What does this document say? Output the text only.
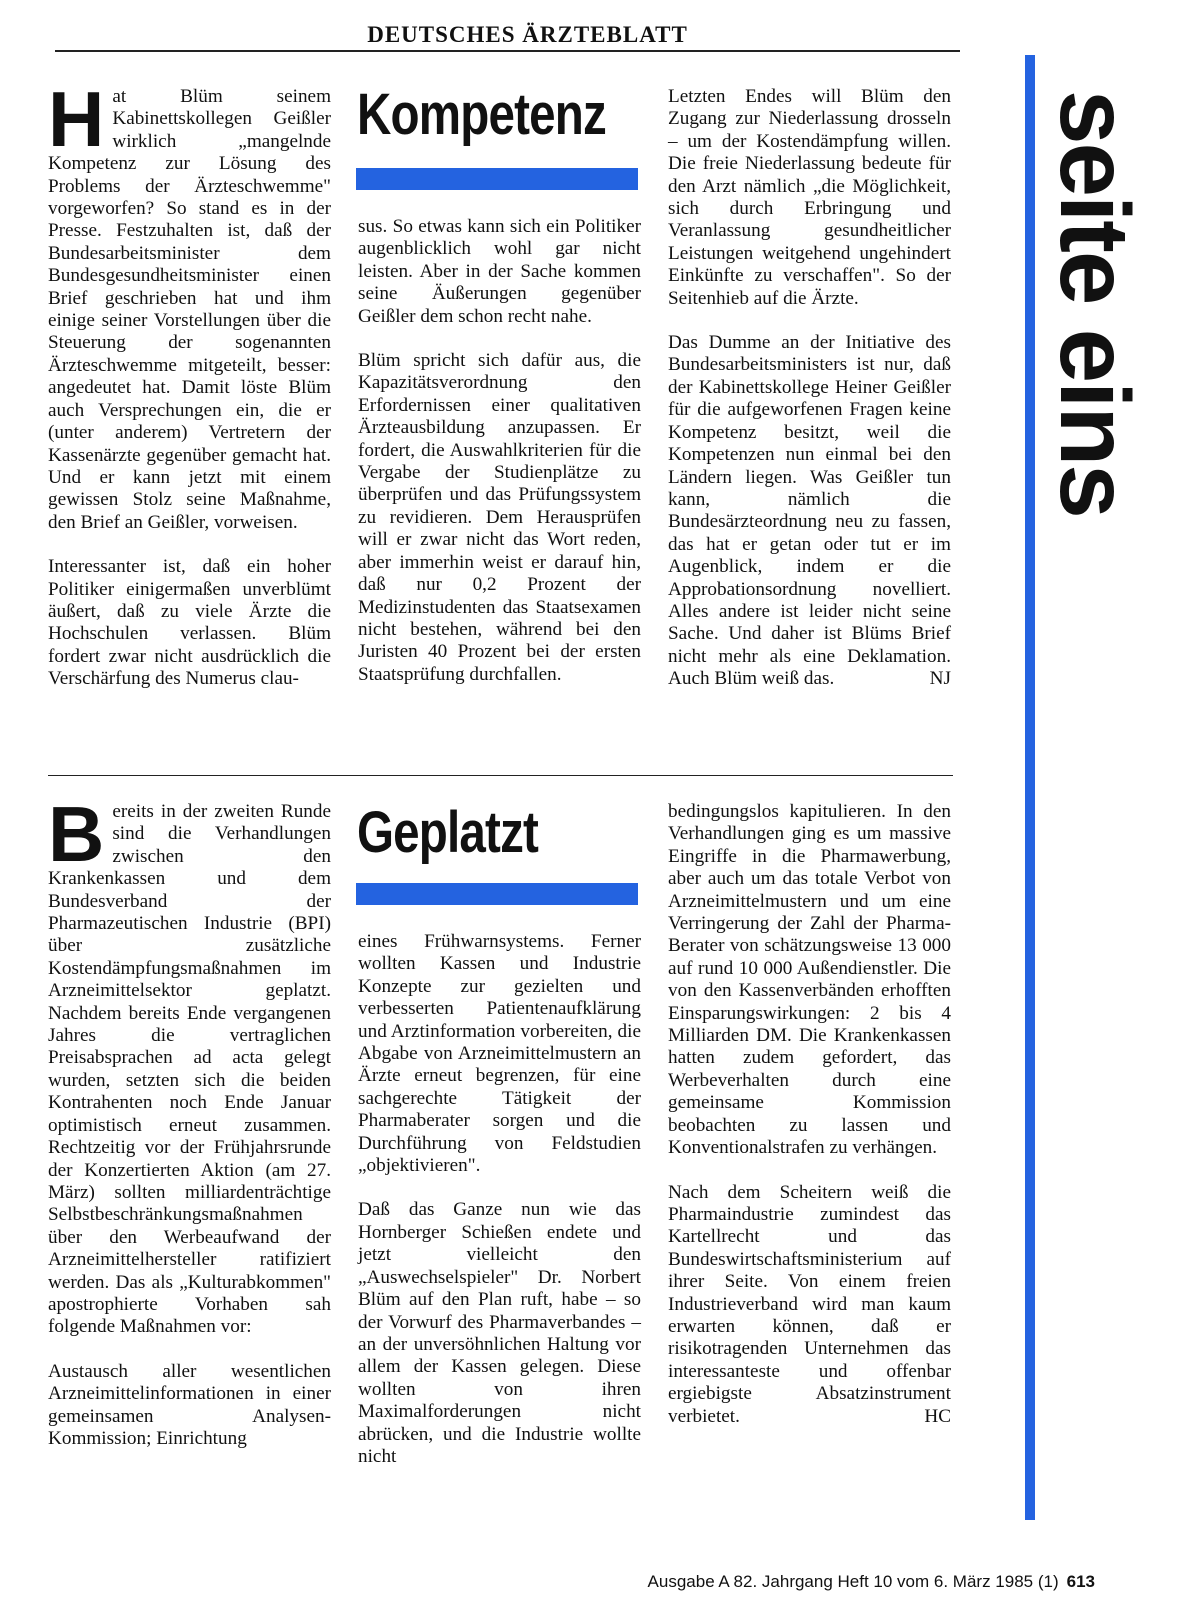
DEUTSCHES ÄRZTEBLATT
seite eins

Hat Blüm seinem Kabinettskollegen Geißler wirklich „mangelnde Kompetenz zur Lösung des Problems der Ärzteschwemme" vorgeworfen? So stand es in der Presse. Festzuhalten ist, daß der Bundesarbeitsminister dem Bundesgesundheitsminister einen Brief geschrieben hat und ihm einige seiner Vorstellungen über die Steuerung der sogenannten Ärzteschwemme mitgeteilt, besser: angedeutet hat. Damit löste Blüm auch Versprechungen ein, die er (unter anderem) Vertretern der Kassenärzte gegenüber gemacht hat. Und er kann jetzt mit einem gewissen Stolz seine Maßnahme, den Brief an Geißler, vorweisen.

Interessanter ist, daß ein hoher Politiker einigermaßen unverblümt äußert, daß zu viele Ärzte die Hochschulen verlassen. Blüm fordert zwar nicht ausdrücklich die Verschärfung des Numerus clau-

Kompetenz

sus. So etwas kann sich ein Politiker augenblicklich wohl gar nicht leisten. Aber in der Sache kommen seine Äußerungen gegenüber Geißler dem schon recht nahe.

Blüm spricht sich dafür aus, die Kapazitätsverordnung den Erfordernissen einer qualitativen Ärzteausbildung anzupassen. Er fordert, die Auswahlkriterien für die Vergabe der Studienplätze zu überprüfen und das Prüfungssystem zu revidieren. Dem Herausprüfen will er zwar nicht das Wort reden, aber immerhin weist er darauf hin, daß nur 0,2 Prozent der Medizinstudenten das Staatsexamen nicht bestehen, während bei den Juristen 40 Prozent bei der ersten Staatsprüfung durchfallen.

Letzten Endes will Blüm den Zugang zur Niederlassung drosseln – um der Kostendämpfung willen. Die freie Niederlassung bedeute für den Arzt nämlich „die Möglichkeit, sich durch Erbringung und Veranlassung gesundheitlicher Leistungen weitgehend ungehindert Einkünfte zu verschaffen". So der Seitenhieb auf die Ärzte.

Das Dumme an der Initiative des Bundesarbeitsministers ist nur, daß der Kabinettskollege Heiner Geißler für die aufgeworfenen Fragen keine Kompetenz besitzt, weil die Kompetenzen nun einmal bei den Ländern liegen. Was Geißler tun kann, nämlich die Bundesärzteordnung neu zu fassen, das hat er getan oder tut er im Augenblick, indem er die Approbationsordnung novelliert. Alles andere ist leider nicht seine Sache. Und daher ist Blüms Brief nicht mehr als eine Deklamation. Auch Blüm weiß das.	NJ

Bereits in der zweiten Runde sind die Verhandlungen zwischen den Krankenkassen und dem Bundesverband der Pharmazeutischen Industrie (BPI) über zusätzliche Kostendämpfungsmaßnahmen im Arzneimittelsektor geplatzt. Nachdem bereits Ende vergangenen Jahres die vertraglichen Preisabsprachen ad acta gelegt wurden, setzten sich die beiden Kontrahenten noch Ende Januar optimistisch erneut zusammen. Rechtzeitig vor der Frühjahrsrunde der Konzertierten Aktion (am 27. März) sollten milliardenträchtige Selbstbeschränkungsmaßnahmen über den Werbeaufwand der Arzneimittelhersteller ratifiziert werden. Das als „Kulturabkommen" apostrophierte Vorhaben sah folgende Maßnahmen vor:

Austausch aller wesentlichen Arzneimittelinformationen in einer gemeinsamen Analysen-Kommission; Einrichtung

Geplatzt

eines Frühwarnsystems. Ferner wollten Kassen und Industrie Konzepte zur gezielten und verbesserten Patientenaufklärung und Arztinformation vorbereiten, die Abgabe von Arzneimittelmustern an Ärzte erneut begrenzen, für eine sachgerechte Tätigkeit der Pharmaberater sorgen und die Durchführung von Feldstudien „objektivieren".

Daß das Ganze nun wie das Hornberger Schießen endete und jetzt vielleicht den „Auswechselspieler" Dr. Norbert Blüm auf den Plan ruft, habe – so der Vorwurf des Pharmaverbandes – an der unversöhnlichen Haltung vor allem der Kassen gelegen. Diese wollten von ihren Maximalforderungen nicht abrücken, und die Industrie wollte nicht

bedingungslos kapitulieren. In den Verhandlungen ging es um massive Eingriffe in die Pharmawerbung, aber auch um das totale Verbot von Arzneimittelmustern und um eine Verringerung der Zahl der Pharma-Berater von schätzungsweise 13 000 auf rund 10 000 Außendienstler. Die von den Kassenverbänden erhofften Einsparungswirkungen: 2 bis 4 Milliarden DM. Die Krankenkassen hatten zudem gefordert, das Werbeverhalten durch eine gemeinsame Kommission beobachten zu lassen und Konventionalstrafen zu verhängen.

Nach dem Scheitern weiß die Pharmaindustrie zumindest das Kartellrecht und das Bundeswirtschaftsministerium auf ihrer Seite. Von einem freien Industrieverband wird man kaum erwarten können, daß er risikotragenden Unternehmen das interessanteste und offenbar ergiebigste Absatzinstrument verbietet.	HC

Ausgabe A 82. Jahrgang Heft 10 vom 6. März 1985 (1) 613
